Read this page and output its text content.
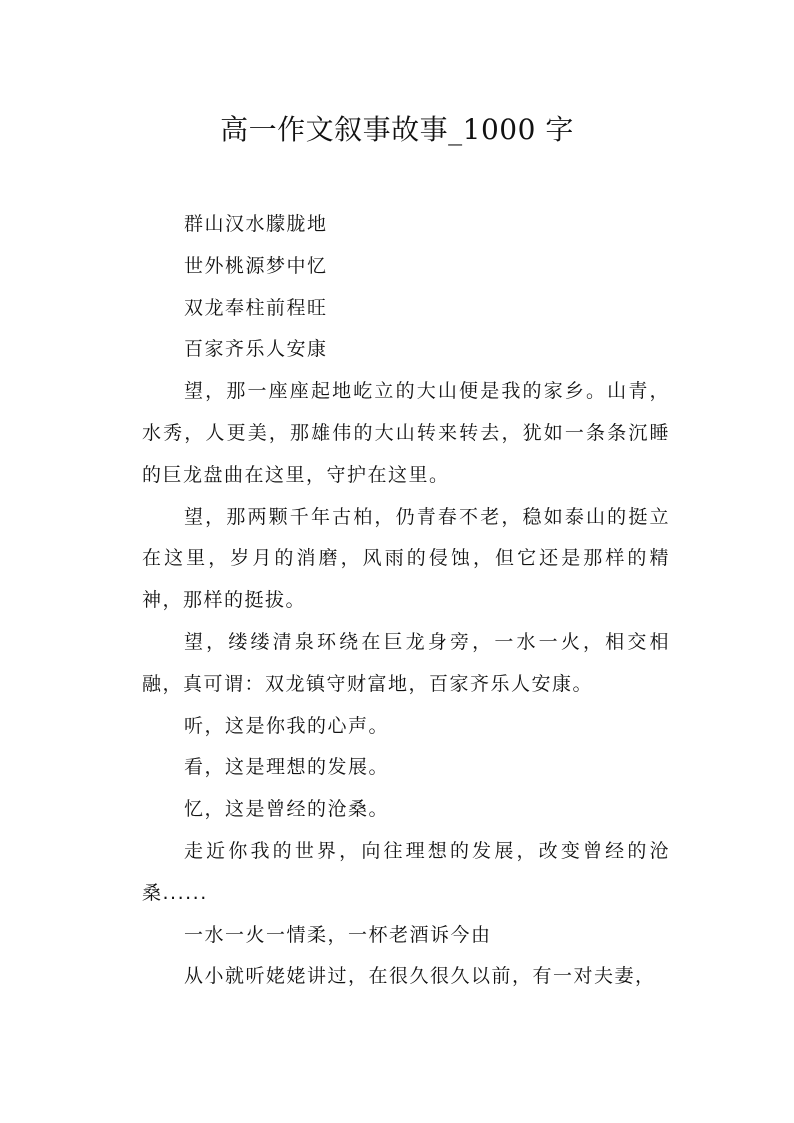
高一作文叙事故事_1000 字

群山汉水朦胧地

世外桃源梦中忆

双龙奉柱前程旺

百家齐乐人安康

望，那一座座起地屹立的大山便是我的家乡。山青，水秀，人更美，那雄伟的大山转来转去，犹如一条条沉睡的巨龙盘曲在这里，守护在这里。

望，那两颗千年古柏，仍青春不老，稳如泰山的挺立在这里，岁月的消磨，风雨的侵蚀，但它还是那样的精神，那样的挺拔。

望，缕缕清泉环绕在巨龙身旁，一水一火，相交相融，真可谓：双龙镇守财富地，百家齐乐人安康。

听，这是你我的心声。

看，这是理想的发展。

忆，这是曾经的沧桑。

走近你我的世界，向往理想的发展，改变曾经的沧桑......

一水一火一情柔，一杯老酒诉今由

从小就听姥姥讲过，在很久很久以前，有一对夫妻，
